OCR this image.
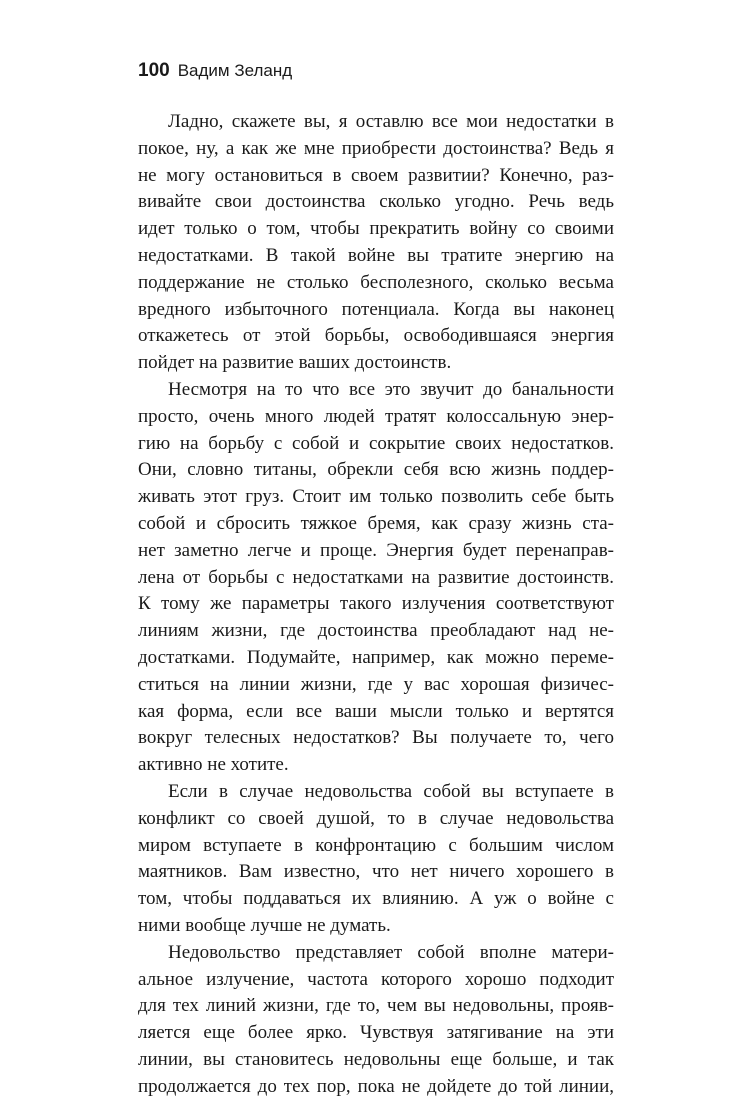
100 Вадим Зеланд
Ладно, скажете вы, я оставлю все мои недостатки в
покое, ну, а как же мне приобрести достоинства? Ведь я
не могу остановиться в своем развитии? Конечно, раз-
вивайте свои достоинства сколько угодно. Речь ведь
идет только о том, чтобы прекратить войну со своими
недостатками. В такой войне вы тратите энергию на
поддержание не столько бесполезного, сколько весьма
вредного избыточного потенциала. Когда вы наконец
откажетесь от этой борьбы, освободившаяся энергия
пойдет на развитие ваших достоинств.
Несмотря на то что все это звучит до банальности
просто, очень много людей тратят колоссальную энер-
гию на борьбу с собой и сокрытие своих недостатков.
Они, словно титаны, обрекли себя всю жизнь поддер-
живать этот груз. Стоит им только позволить себе быть
собой и сбросить тяжкое бремя, как сразу жизнь ста-
нет заметно легче и проще. Энергия будет перенаправ-
лена от борьбы с недостатками на развитие достоинств.
К тому же параметры такого излучения соответствуют
линиям жизни, где достоинства преобладают над не-
достатками. Подумайте, например, как можно переме-
ститься на линии жизни, где у вас хорошая физичес-
кая форма, если все ваши мысли только и вертятся
вокруг телесных недостатков? Вы получаете то, чего
активно не хотите.
Если в случае недовольства собой вы вступаете в
конфликт со своей душой, то в случае недовольства
миром вступаете в конфронтацию с большим числом
маятников. Вам известно, что нет ничего хорошего в
том, чтобы поддаваться их влиянию. А уж о войне с
ними вообще лучше не думать.
Недовольство представляет собой вполне матери-
альное излучение, частота которого хорошо подходит
для тех линий жизни, где то, чем вы недовольны, прояв-
ляется еще более ярко. Чувствуя затягивание на эти
линии, вы становитесь недовольны еще больше, и так
продолжается до тех пор, пока не дойдете до той линии,
